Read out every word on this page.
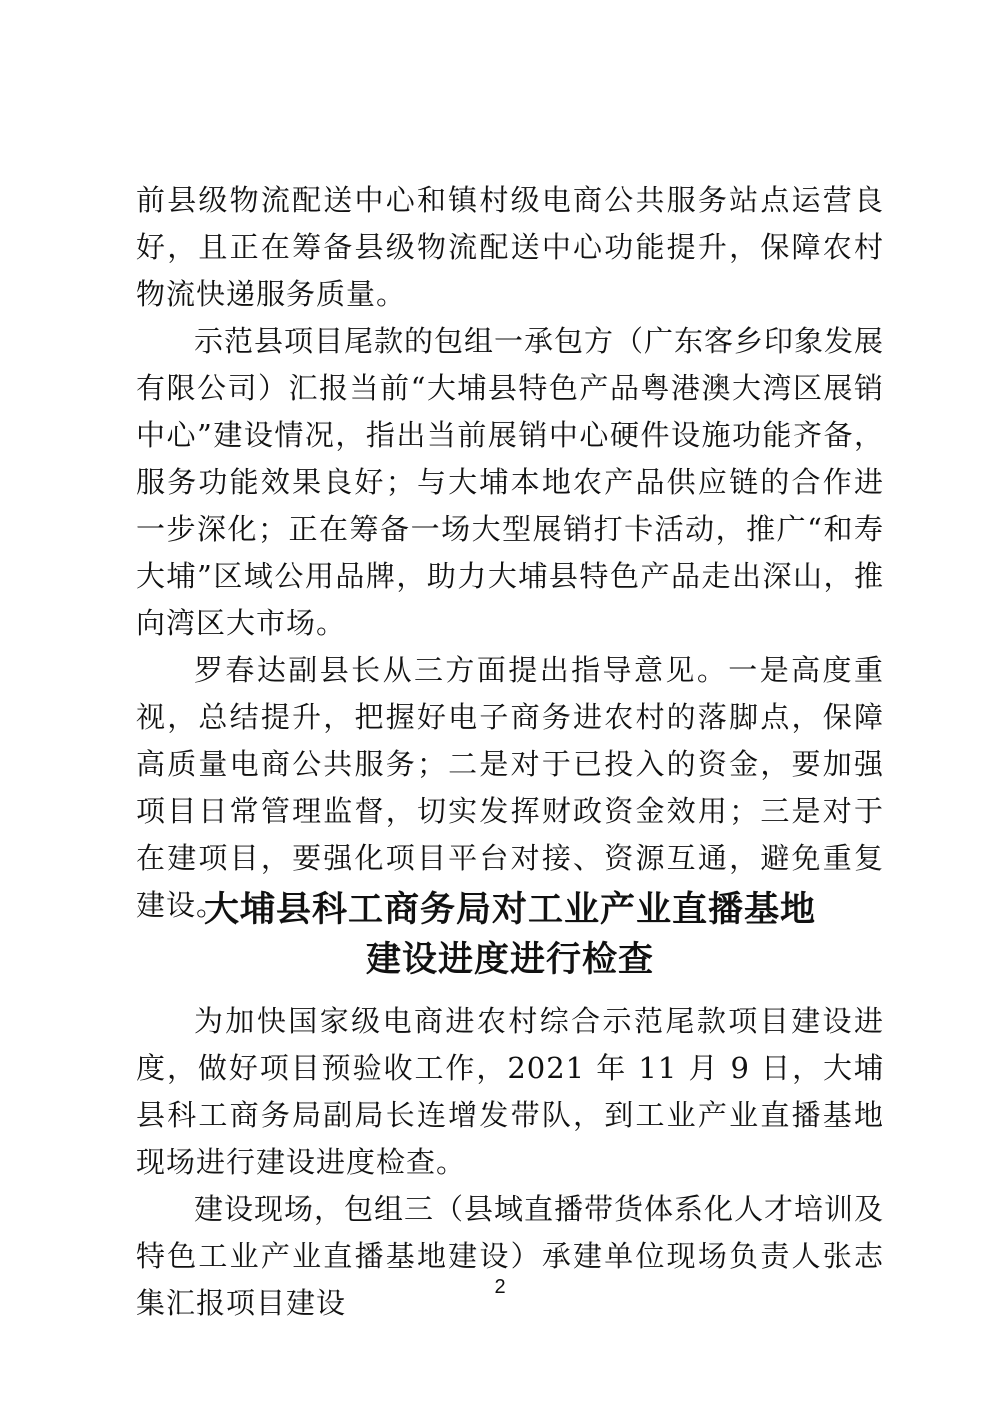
前县级物流配送中心和镇村级电商公共服务站点运营良好，且正在筹备县级物流配送中心功能提升，保障农村物流快递服务质量。

示范县项目尾款的包组一承包方（广东客乡印象发展有限公司）汇报当前“大埔县特色产品粤港澳大湾区展销中心”建设情况，指出当前展销中心硬件设施功能齐备，服务功能效果良好；与大埔本地农产品供应链的合作进一步深化；正在筹备一场大型展销打卡活动，推广“和寿大埔”区域公用品牌，助力大埔县特色产品走出深山，推向湾区大市场。

罗春达副县长从三方面提出指导意见。一是高度重视，总结提升，把握好电子商务进农村的落脚点，保障高质量电商公共服务；二是对于已投入的资金，要加强项目日常管理监督，切实发挥财政资金效用；三是对于在建项目，要强化项目平台对接、资源互通，避免重复建设。

大埔县科工商务局对工业产业直播基地
建设进度进行检查

为加快国家级电商进农村综合示范尾款项目建设进度，做好项目预验收工作，2021 年 11 月 9 日，大埔县科工商务局副局长连增发带队，到工业产业直播基地现场进行建设进度检查。

建设现场，包组三（县域直播带货体系化人才培训及特色工业产业直播基地建设）承建单位现场负责人张志集汇报项目建设	2
